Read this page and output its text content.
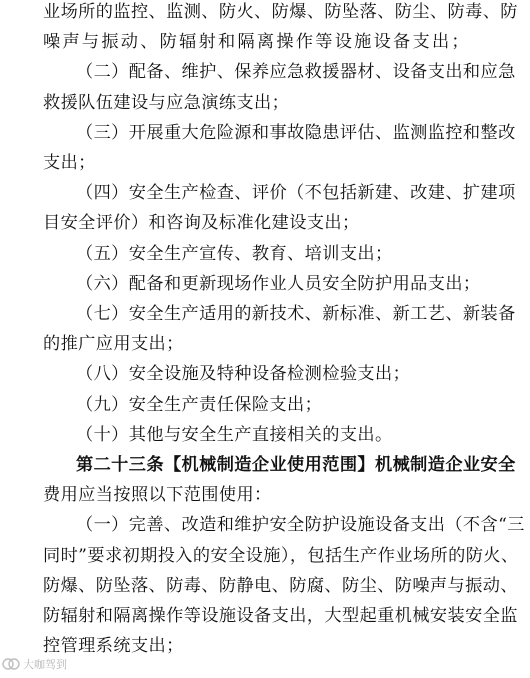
业场所的监控、监测、防火、防爆、防坠落、防尘、防毒、防
噪声与振动、防辐射和隔离操作等设施设备支出；
（二）配备、维护、保养应急救援器材、设备支出和应急
救援队伍建设与应急演练支出；
（三）开展重大危险源和事故隐患评估、监测监控和整改
支出；
（四）安全生产检查、评价（不包括新建、改建、扩建项
目安全评价）和咨询及标准化建设支出；
（五）安全生产宣传、教育、培训支出；
（六）配备和更新现场作业人员安全防护用品支出；
（七）安全生产适用的新技术、新标准、新工艺、新装备
的推广应用支出；
（八）安全设施及特种设备检测检验支出；
（九）安全生产责任保险支出；
（十）其他与安全生产直接相关的支出。
第二十三条【机械制造企业使用范围】机械制造企业安全
费用应当按照以下范围使用：
（一）完善、改造和维护安全防护设施设备支出（不含“三
同时”要求初期投入的安全设施），包括生产作业场所的防火、
防爆、防坠落、防毒、防静电、防腐、防尘、防噪声与振动、
防辐射和隔离操作等设施设备支出，大型起重机械安装安全监
控管理系统支出；
大咖驾到
